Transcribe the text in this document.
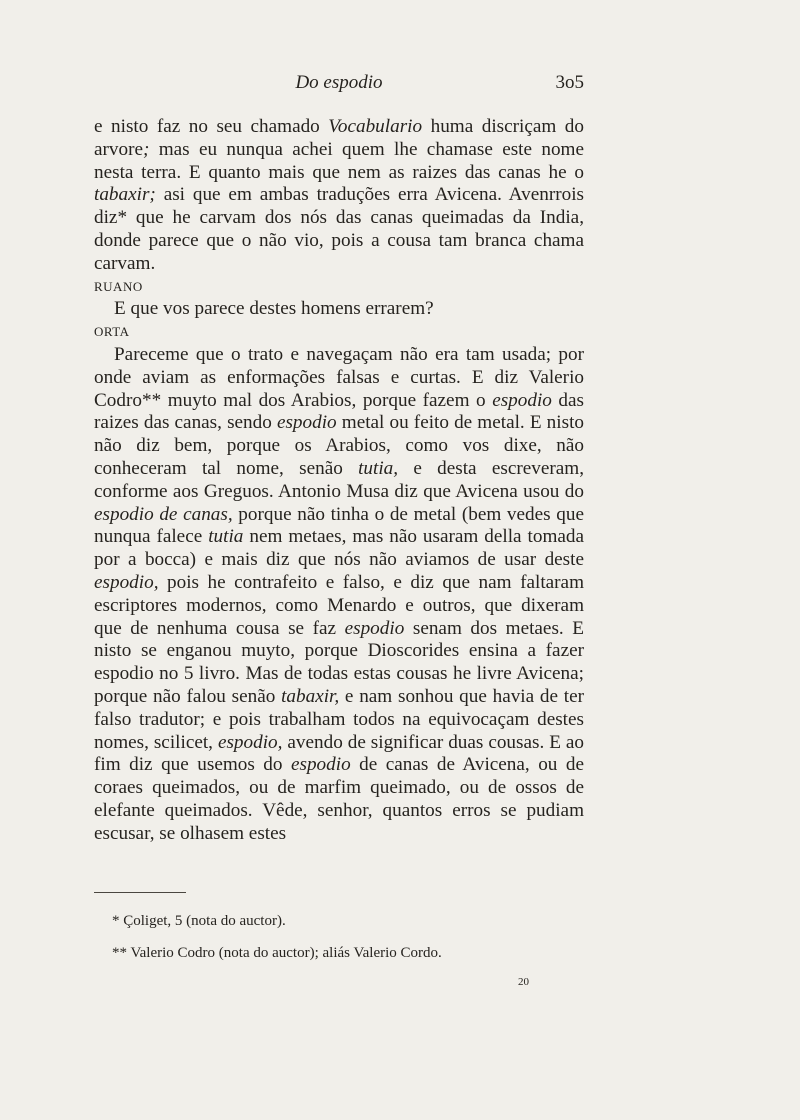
Do espodio	3o5

e nisto faz no seu chamado Vocabulario huma discriçam do arvore; mas eu nunqua achei quem lhe chamase este nome nesta terra. E quanto mais que nem as raizes das canas he o tabaxir; asi que em ambas traduções erra Avicena. Avenrrois diz* que he carvam dos nós das canas queimadas da India, donde parece que o não vio, pois a cousa tam branca chama carvam.

RUANO

E que vos parece destes homens errarem?

ORTA

Pareceme que o trato e navegaçam não era tam usada; por onde aviam as enformações falsas e curtas. E diz Valerio Codro** muyto mal dos Arabios, porque fazem o espodio das raizes das canas, sendo espodio metal ou feito de metal. E nisto não diz bem, porque os Arabios, como vos dixe, não conheceram tal nome, senão tutia, e desta escreveram, conforme aos Greguos. Antonio Musa diz que Avicena usou do espodio de canas, porque não tinha o de metal (bem vedes que nunqua falece tutia nem metaes, mas não usaram della tomada por a bocca) e mais diz que nós não aviamos de usar deste espodio, pois he contrafeito e falso, e diz que nam faltaram escriptores modernos, como Menardo e outros, que dixeram que de nenhuma cousa se faz espodio senam dos metaes. E nisto se enganou muyto, porque Dioscorides ensina a fazer espodio no 5 livro. Mas de todas estas cousas he livre Avicena; porque não falou senão tabaxir, e nam sonhou que havia de ter falso tradutor; e pois trabalham todos na equivocaçam destes nomes, scilicet, espodio, avendo de significar duas cousas. E ao fim diz que usemos do espodio de canas de Avicena, ou de coraes queimados, ou de marfim queimado, ou de ossos de elefante queimados. Vêde, senhor, quantos erros se pudiam escusar, se olhasem estes

* Çoliget, 5 (nota do auctor).

** Valerio Codro (nota do auctor); aliás Valerio Cordo.

20
